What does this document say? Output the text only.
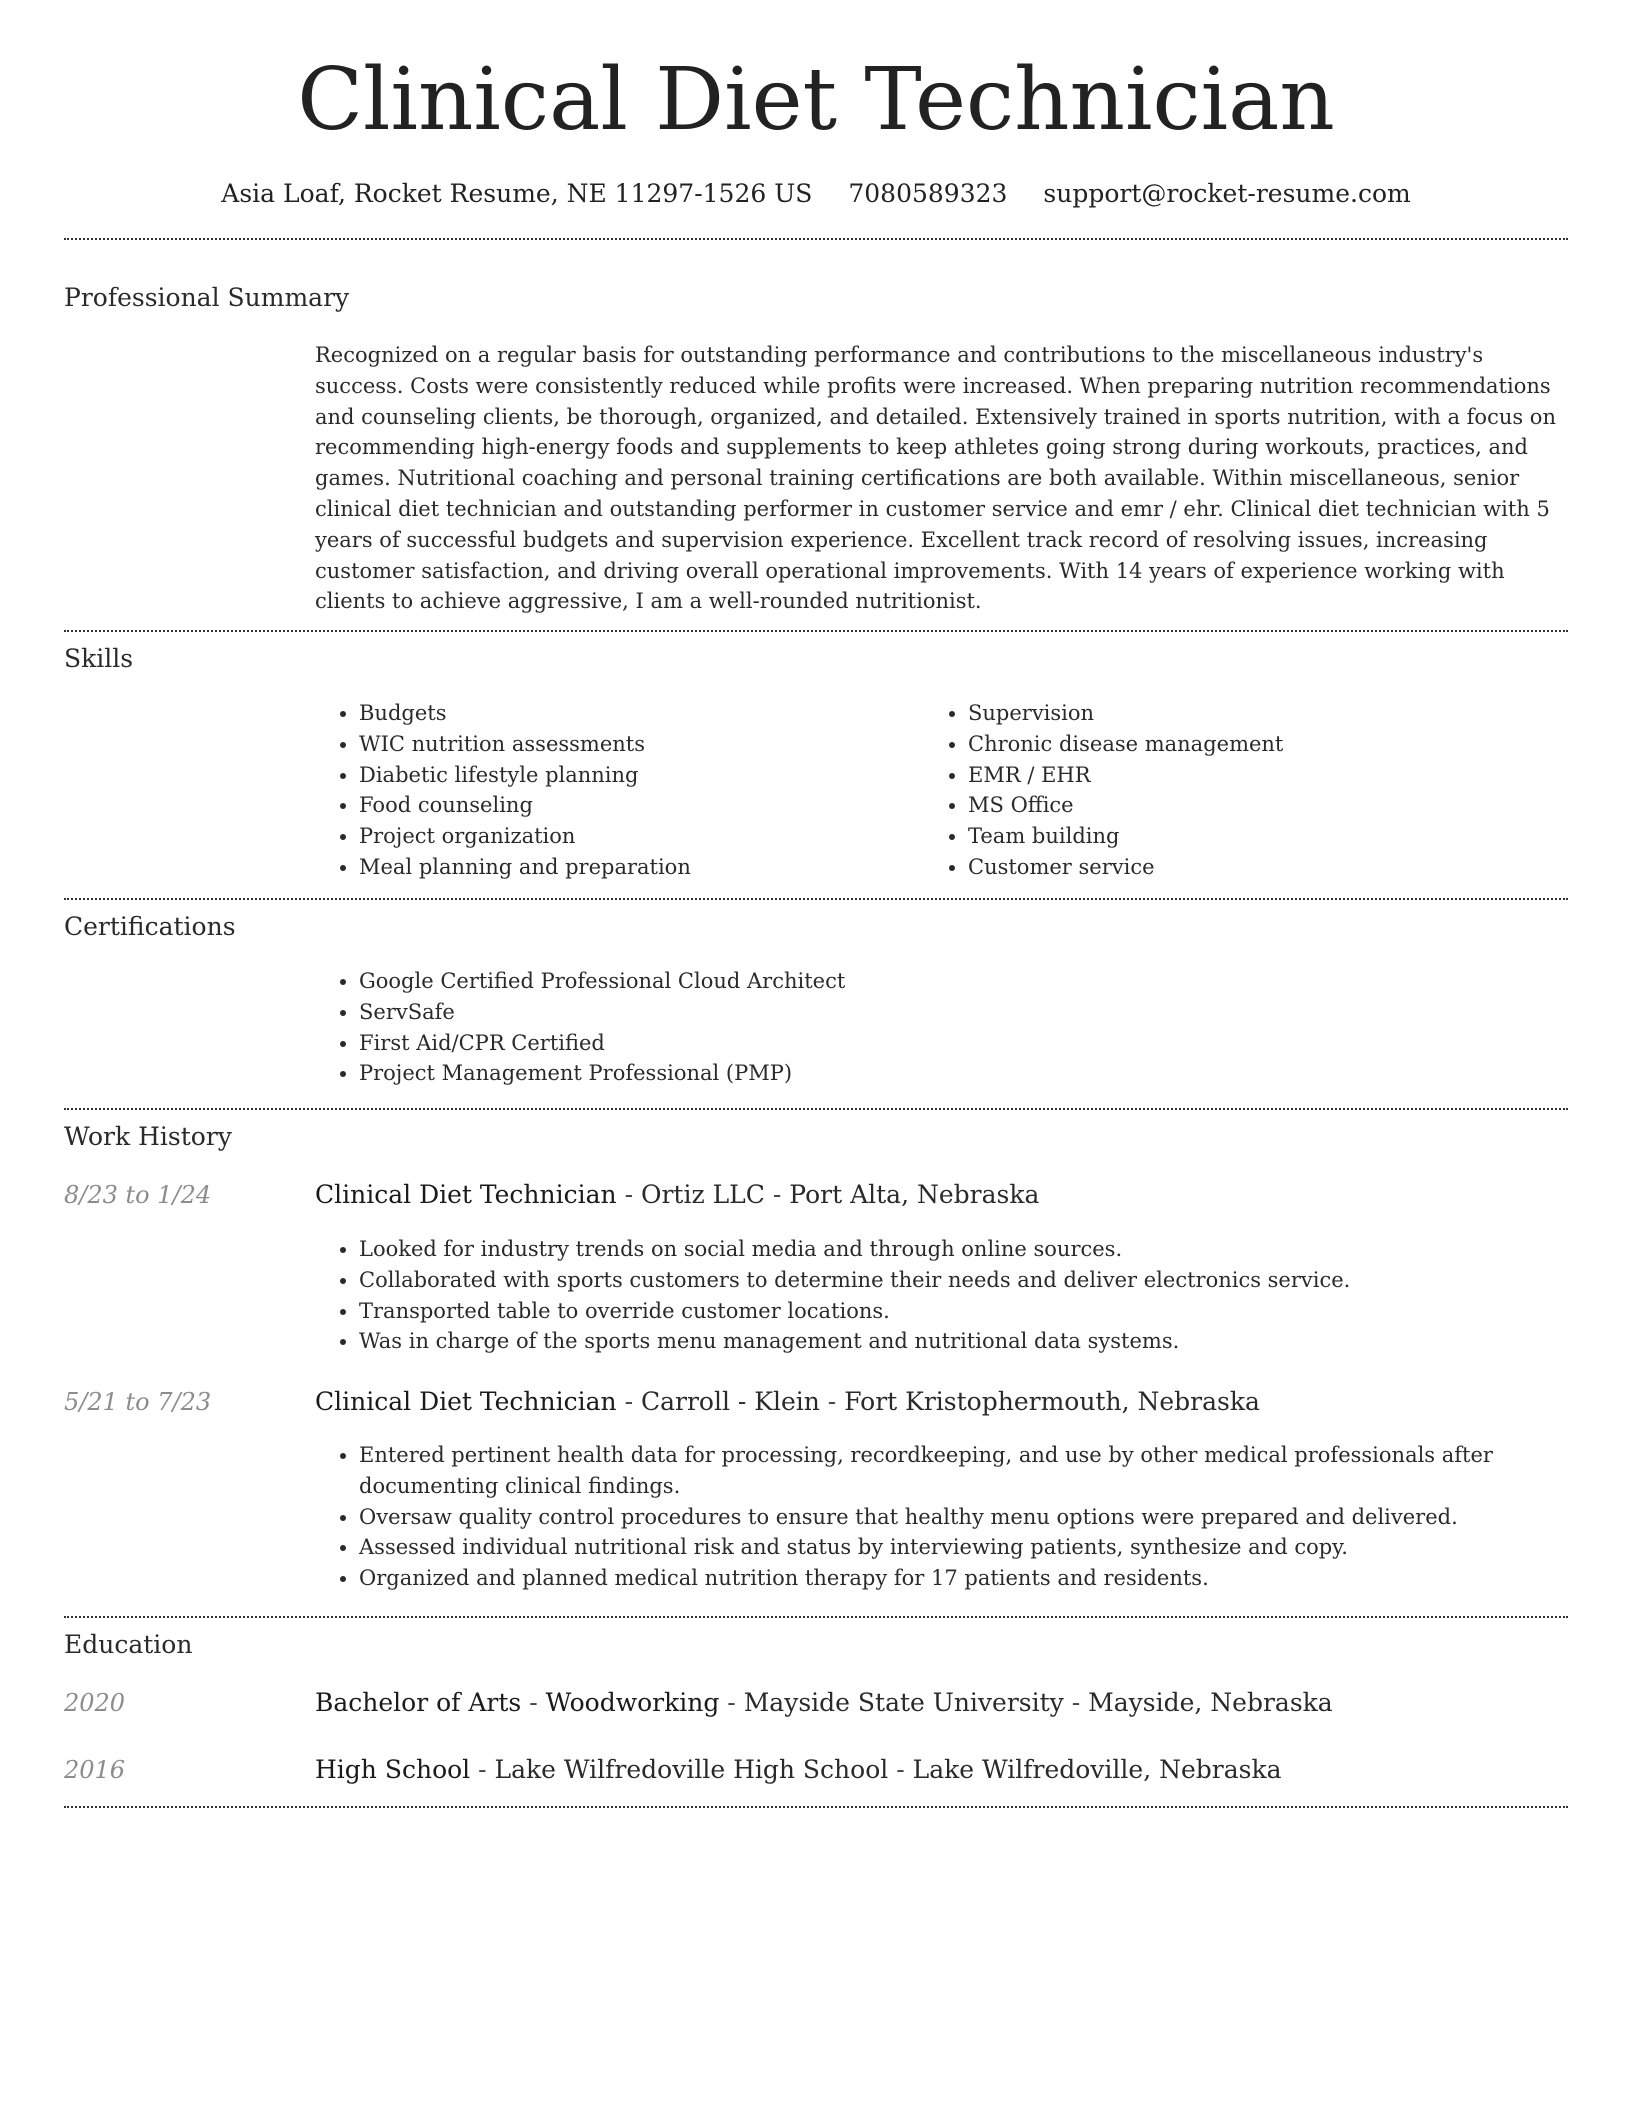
Clinical Diet Technician
Asia Loaf, Rocket Resume, NE 11297-1526 US 7080589323 support@rocket-resume.com
Professional Summary

Recognized on a regular basis for outstanding performance and contributions to the miscellaneous industry's success. Costs were consistently reduced while profits were increased. When preparing nutrition recommendations and counseling clients, be thorough, organized, and detailed. Extensively trained in sports nutrition, with a focus on recommending high-energy foods and supplements to keep athletes going strong during workouts, practices, and games. Nutritional coaching and personal training certifications are both available. Within miscellaneous, senior clinical diet technician and outstanding performer in customer service and emr / ehr. Clinical diet technician with 5 years of successful budgets and supervision experience. Excellent track record of resolving issues, increasing customer satisfaction, and driving overall operational improvements. With 14 years of experience working with clients to achieve aggressive, I am a well-rounded nutritionist.

Skills
• Budgets
• WIC nutrition assessments
• Diabetic lifestyle planning
• Food counseling
• Project organization
• Meal planning and preparation
• Supervision
• Chronic disease management
• EMR / EHR
• MS Office
• Team building
• Customer service
Certifications
• Google Certified Professional Cloud Architect
• ServSafe
• First Aid/CPR Certified
• Project Management Professional (PMP)
Work History
8/23 to 1/24	Clinical Diet Technician - Ortiz LLC - Port Alta, Nebraska
• Looked for industry trends on social media and through online sources.
• Collaborated with sports customers to determine their needs and deliver electronics service.
• Transported table to override customer locations.
• Was in charge of the sports menu management and nutritional data systems.
5/21 to 7/23	Clinical Diet Technician - Carroll - Klein - Fort Kristophermouth, Nebraska
• Entered pertinent health data for processing, recordkeeping, and use by other medical professionals after documenting clinical findings.
• Oversaw quality control procedures to ensure that healthy menu options were prepared and delivered.
• Assessed individual nutritional risk and status by interviewing patients, synthesize and copy.
• Organized and planned medical nutrition therapy for 17 patients and residents.
Education
2020	Bachelor of Arts - Woodworking - Mayside State University - Mayside, Nebraska
2016	High School - Lake Wilfredoville High School - Lake Wilfredoville, Nebraska
